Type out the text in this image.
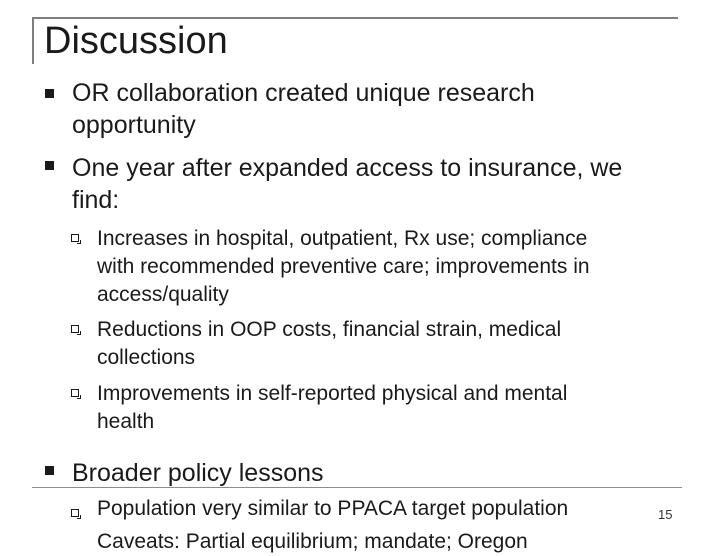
Discussion
OR collaboration created unique research
opportunity
One year after expanded access to insurance, we
find:
Increases in hospital, outpatient, Rx use; compliance
with recommended preventive care; improvements in
access/quality
Reductions in OOP costs, financial strain, medical
collections
Improvements in self-reported physical and mental
health
Broader policy lessons
Population very similar to PPACA target population	15
Caveats: Partial equilibrium; mandate; Oregon
